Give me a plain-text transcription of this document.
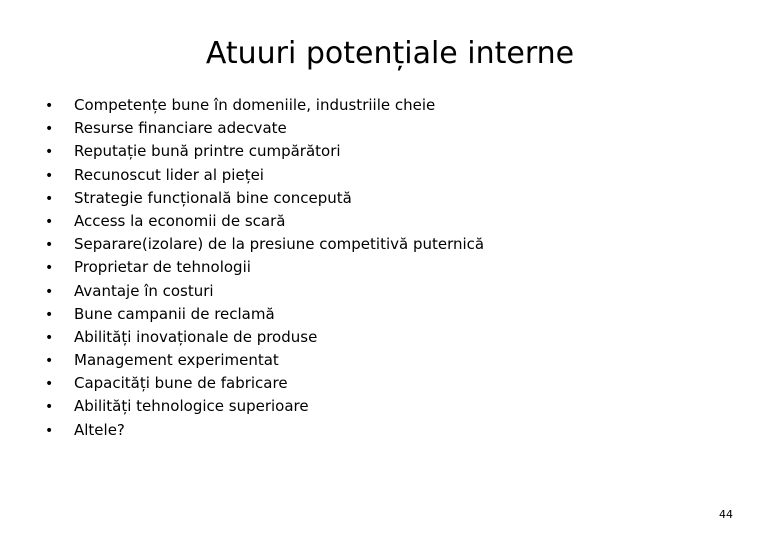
Atuuri potențiale interne
•	Competențe bune în domeniile, industriile cheie
•	Resurse financiare adecvate
•	Reputație bună printre cumpărători
•	Recunoscut lider al pieței
•	Strategie funcțională bine concepută
•	Access la economii de scară
•	Separare(izolare) de la presiune competitivă puternică
•	Proprietar de tehnologii
•	Avantaje în costuri
•	Bune campanii de reclamă
•	Abilități inovaționale de produse
•	Management experimentat
•	Capacități bune de fabricare
•	Abilități tehnologice superioare
•	Altele?
44
